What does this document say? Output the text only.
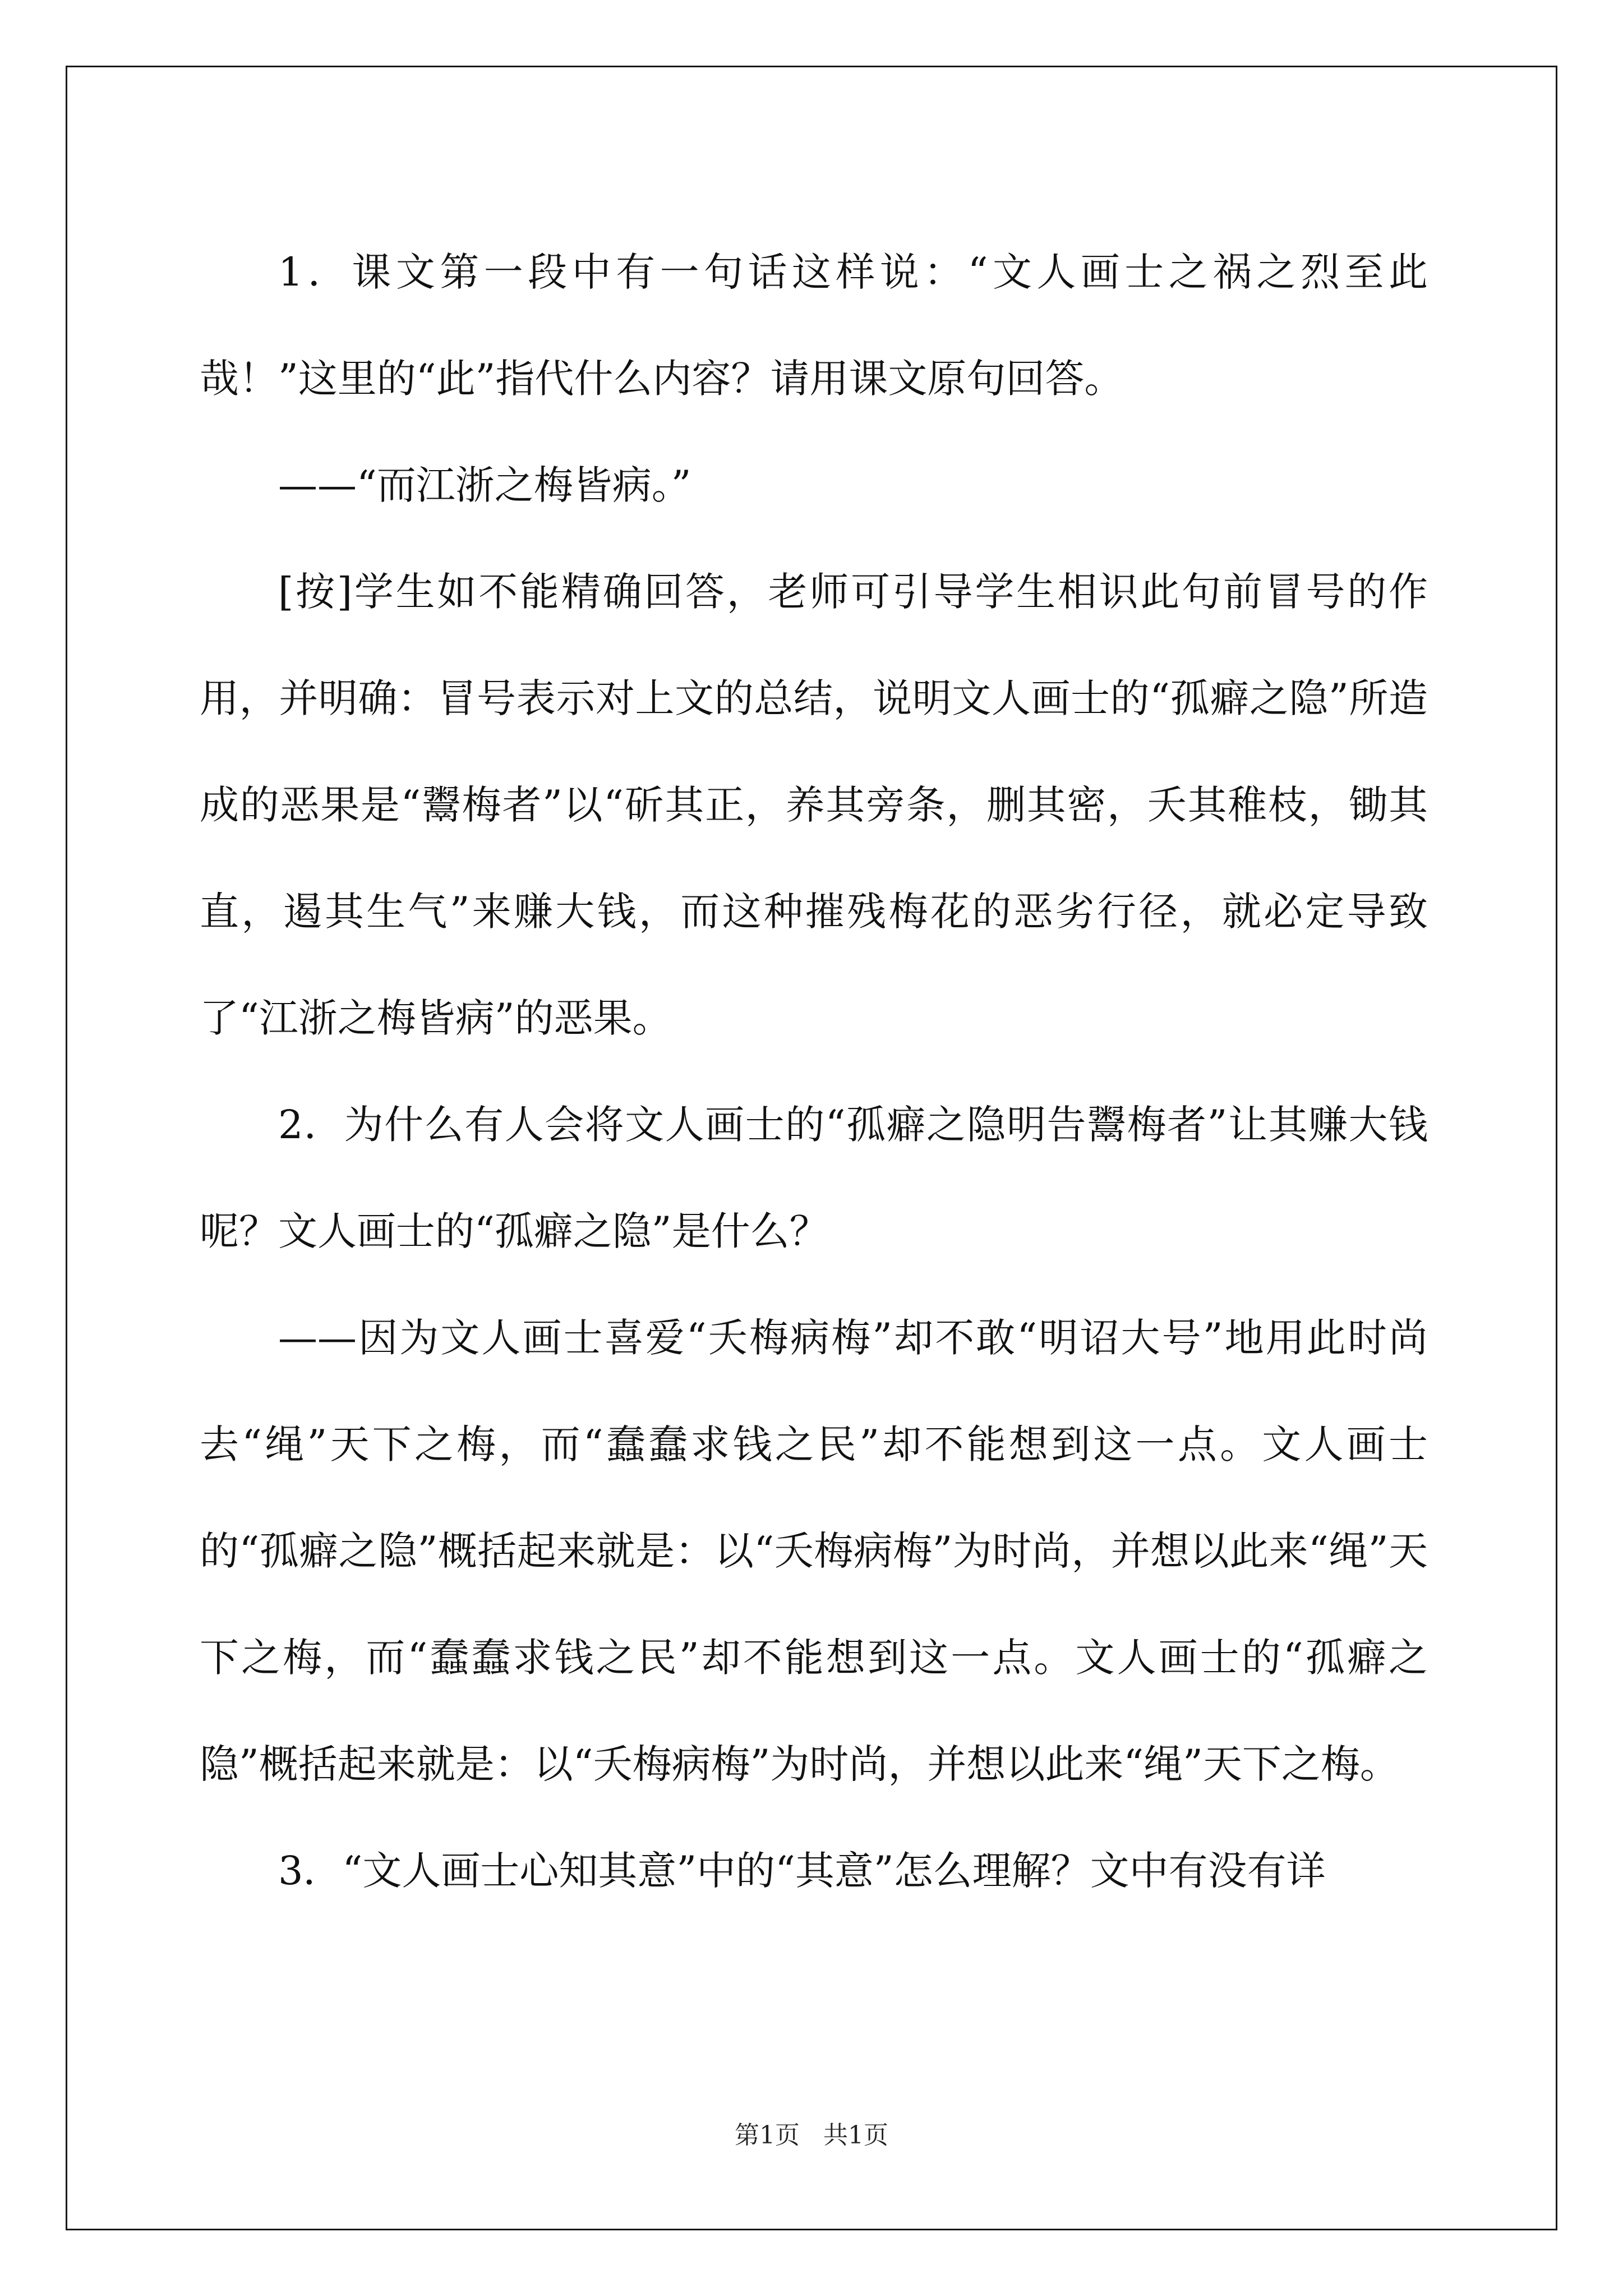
1．课文第一段中有一句话这样说：“文人画士之祸之烈至此哉！”这里的“此”指代什么内容？请用课文原句回答。

——“而江浙之梅皆病。”

[按]学生如不能精确回答，老师可引导学生相识此句前冒号的作用，并明确：冒号表示对上文的总结，说明文人画士的“孤癖之隐”所造成的恶果是“鬻梅者”以“斫其正，养其旁条，删其密，夭其稚枝，锄其直，遏其生气”来赚大钱，而这种摧残梅花的恶劣行径，就必定导致了“江浙之梅皆病”的恶果。

2．为什么有人会将文人画士的“孤癖之隐明告鬻梅者”让其赚大钱呢？文人画士的“孤癖之隐”是什么？

——因为文人画士喜爱“夭梅病梅”却不敢“明诏大号”地用此时尚去“绳”天下之梅，而“蠢蠢求钱之民”却不能想到这一点。文人画士的“孤癖之隐”概括起来就是：以“夭梅病梅”为时尚，并想以此来“绳”天下之梅，而“蠢蠢求钱之民”却不能想到这一点。文人画士的“孤癖之隐”概括起来就是：以“夭梅病梅”为时尚，并想以此来“绳”天下之梅。

3．“文人画士心知其意”中的“其意”怎么理解？文中有没有详

第1页 共1页
